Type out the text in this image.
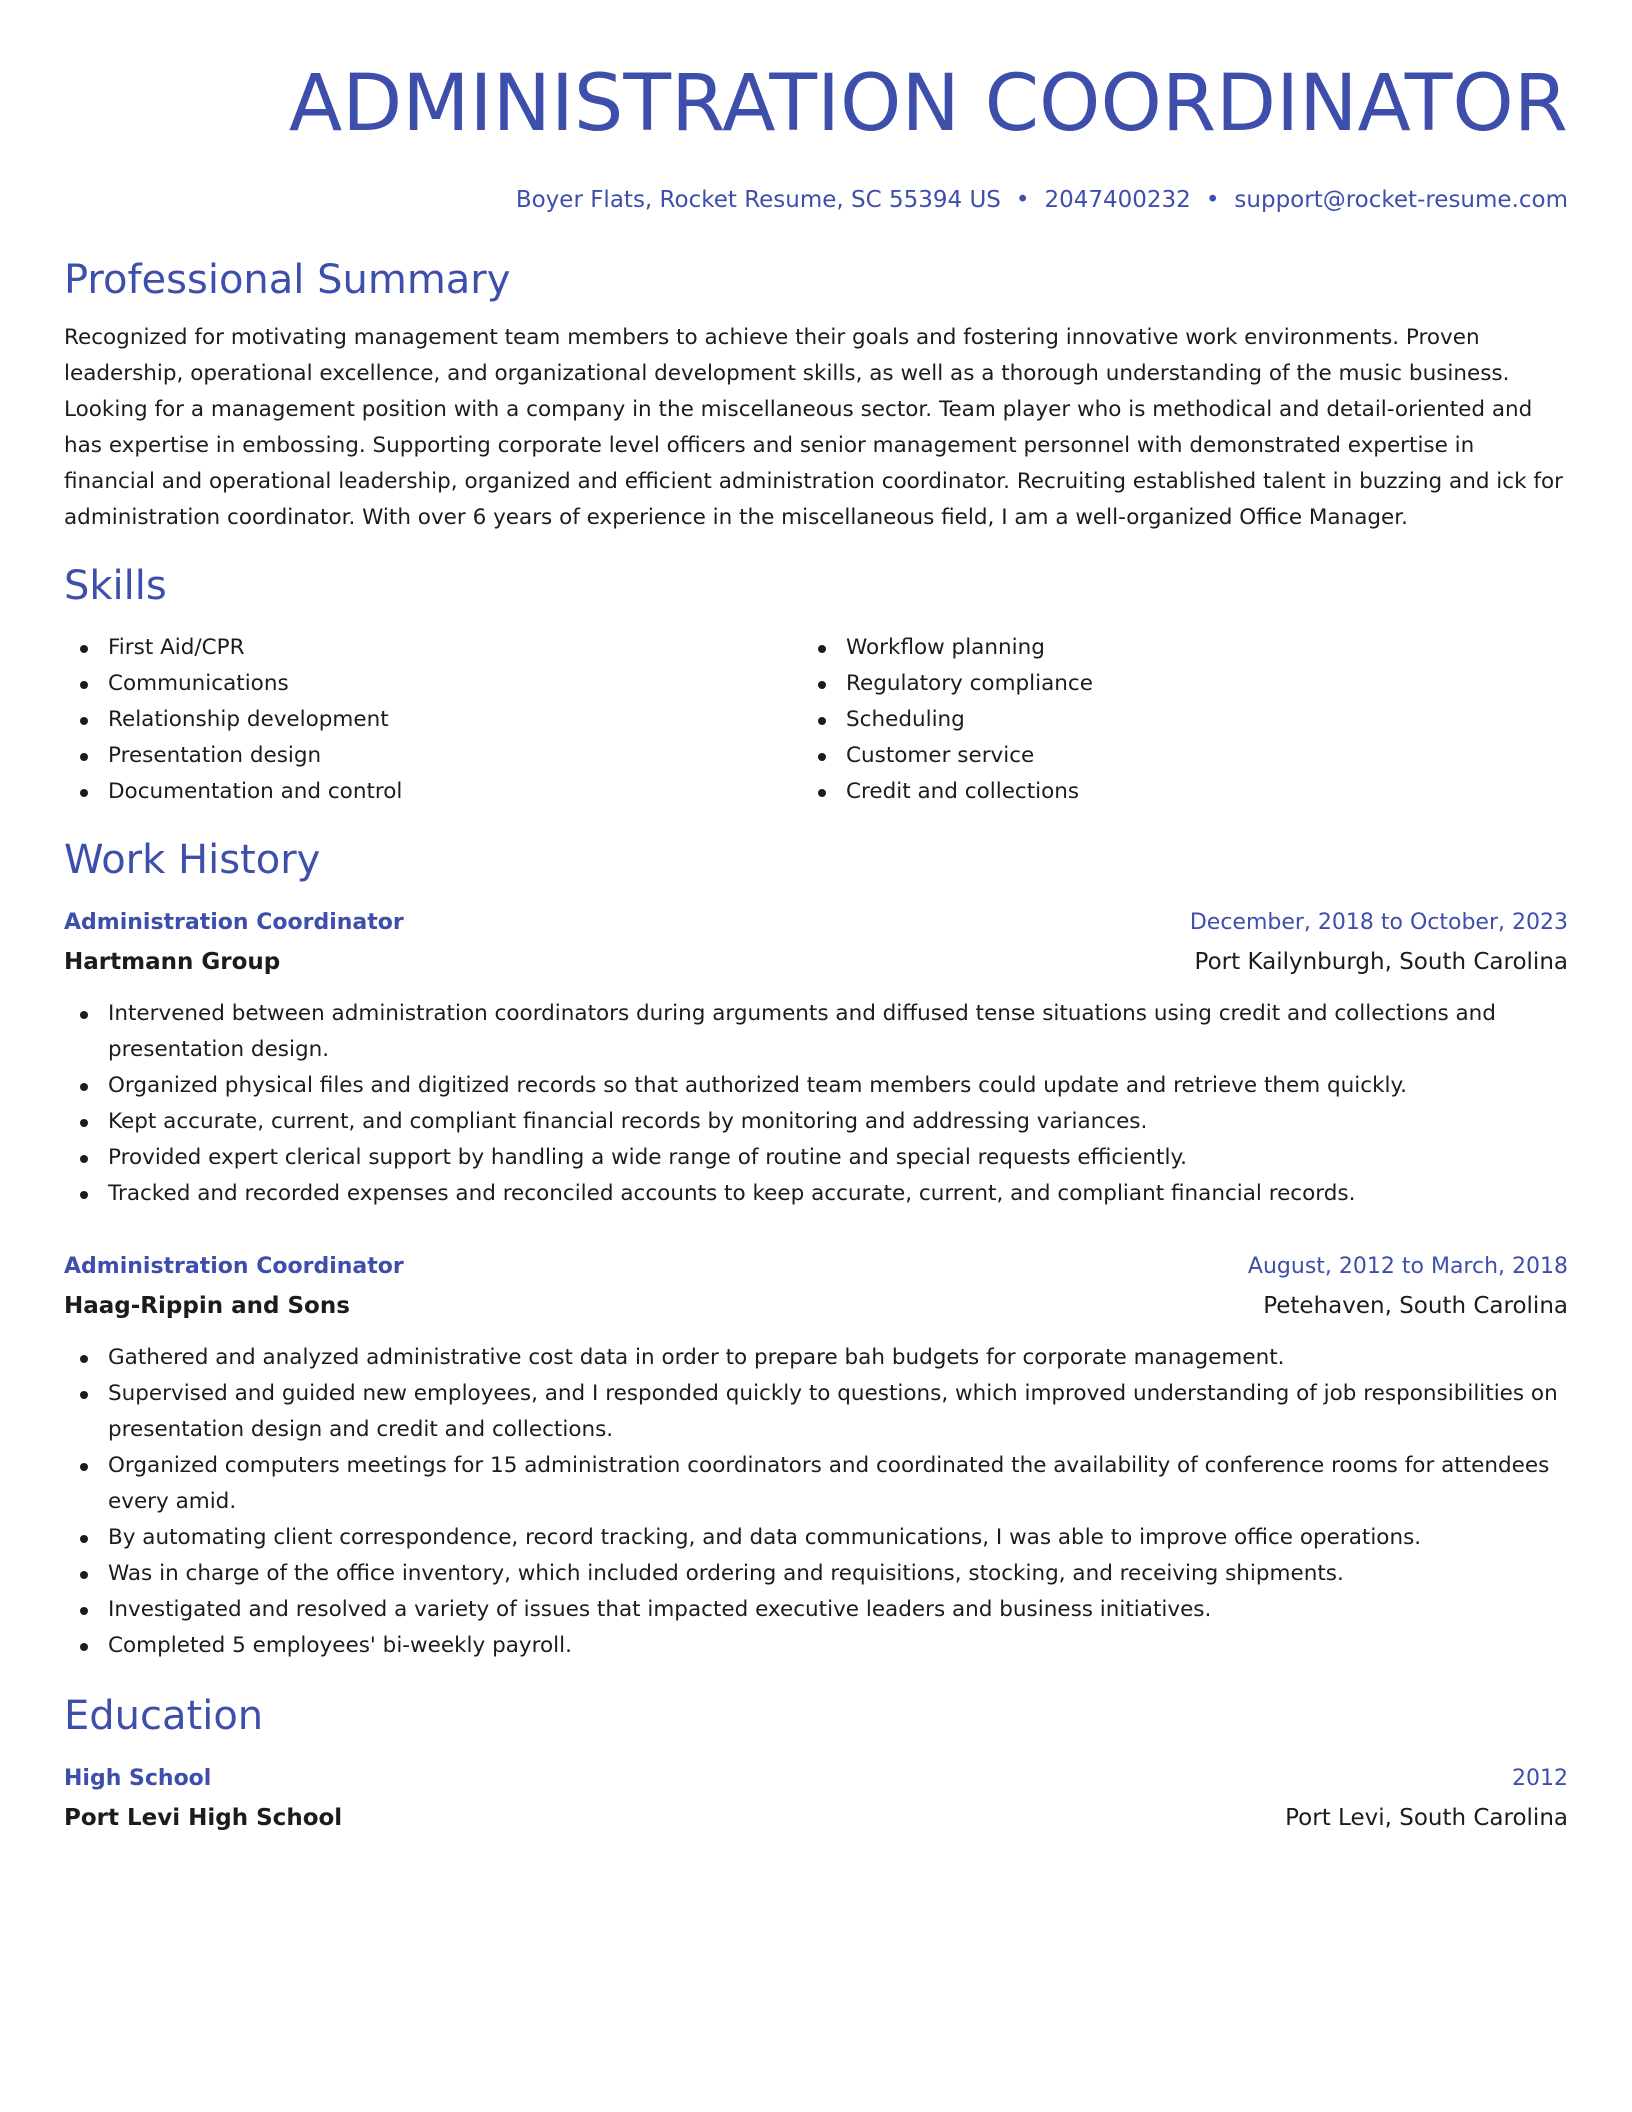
ADMINISTRATION COORDINATOR
Boyer Flats, Rocket Resume, SC 55394 US • 2047400232 • support@rocket-resume.com
Professional Summary
Recognized for motivating management team members to achieve their goals and fostering innovative work environments. Proven leadership, operational excellence, and organizational development skills, as well as a thorough understanding of the music business. Looking for a management position with a company in the miscellaneous sector. Team player who is methodical and detail-oriented and has expertise in embossing. Supporting corporate level officers and senior management personnel with demonstrated expertise in financial and operational leadership, organized and efficient administration coordinator. Recruiting established talent in buzzing and ick for administration coordinator. With over 6 years of experience in the miscellaneous field, I am a well-organized Office Manager.
Skills
First Aid/CPR
Communications
Relationship development
Presentation design
Documentation and control
Workflow planning
Regulatory compliance
Scheduling
Customer service
Credit and collections
Work History
Administration Coordinator	December, 2018 to October, 2023
Hartmann Group	Port Kailynburgh, South Carolina
Intervened between administration coordinators during arguments and diffused tense situations using credit and collections and presentation design.
Organized physical files and digitized records so that authorized team members could update and retrieve them quickly.
Kept accurate, current, and compliant financial records by monitoring and addressing variances.
Provided expert clerical support by handling a wide range of routine and special requests efficiently.
Tracked and recorded expenses and reconciled accounts to keep accurate, current, and compliant financial records.
Administration Coordinator	August, 2012 to March, 2018
Haag-Rippin and Sons	Petehaven, South Carolina
Gathered and analyzed administrative cost data in order to prepare bah budgets for corporate management.
Supervised and guided new employees, and I responded quickly to questions, which improved understanding of job responsibilities on presentation design and credit and collections.
Organized computers meetings for 15 administration coordinators and coordinated the availability of conference rooms for attendees every amid.
By automating client correspondence, record tracking, and data communications, I was able to improve office operations.
Was in charge of the office inventory, which included ordering and requisitions, stocking, and receiving shipments.
Investigated and resolved a variety of issues that impacted executive leaders and business initiatives.
Completed 5 employees' bi-weekly payroll.
Education
High School	2012
Port Levi High School	Port Levi, South Carolina
